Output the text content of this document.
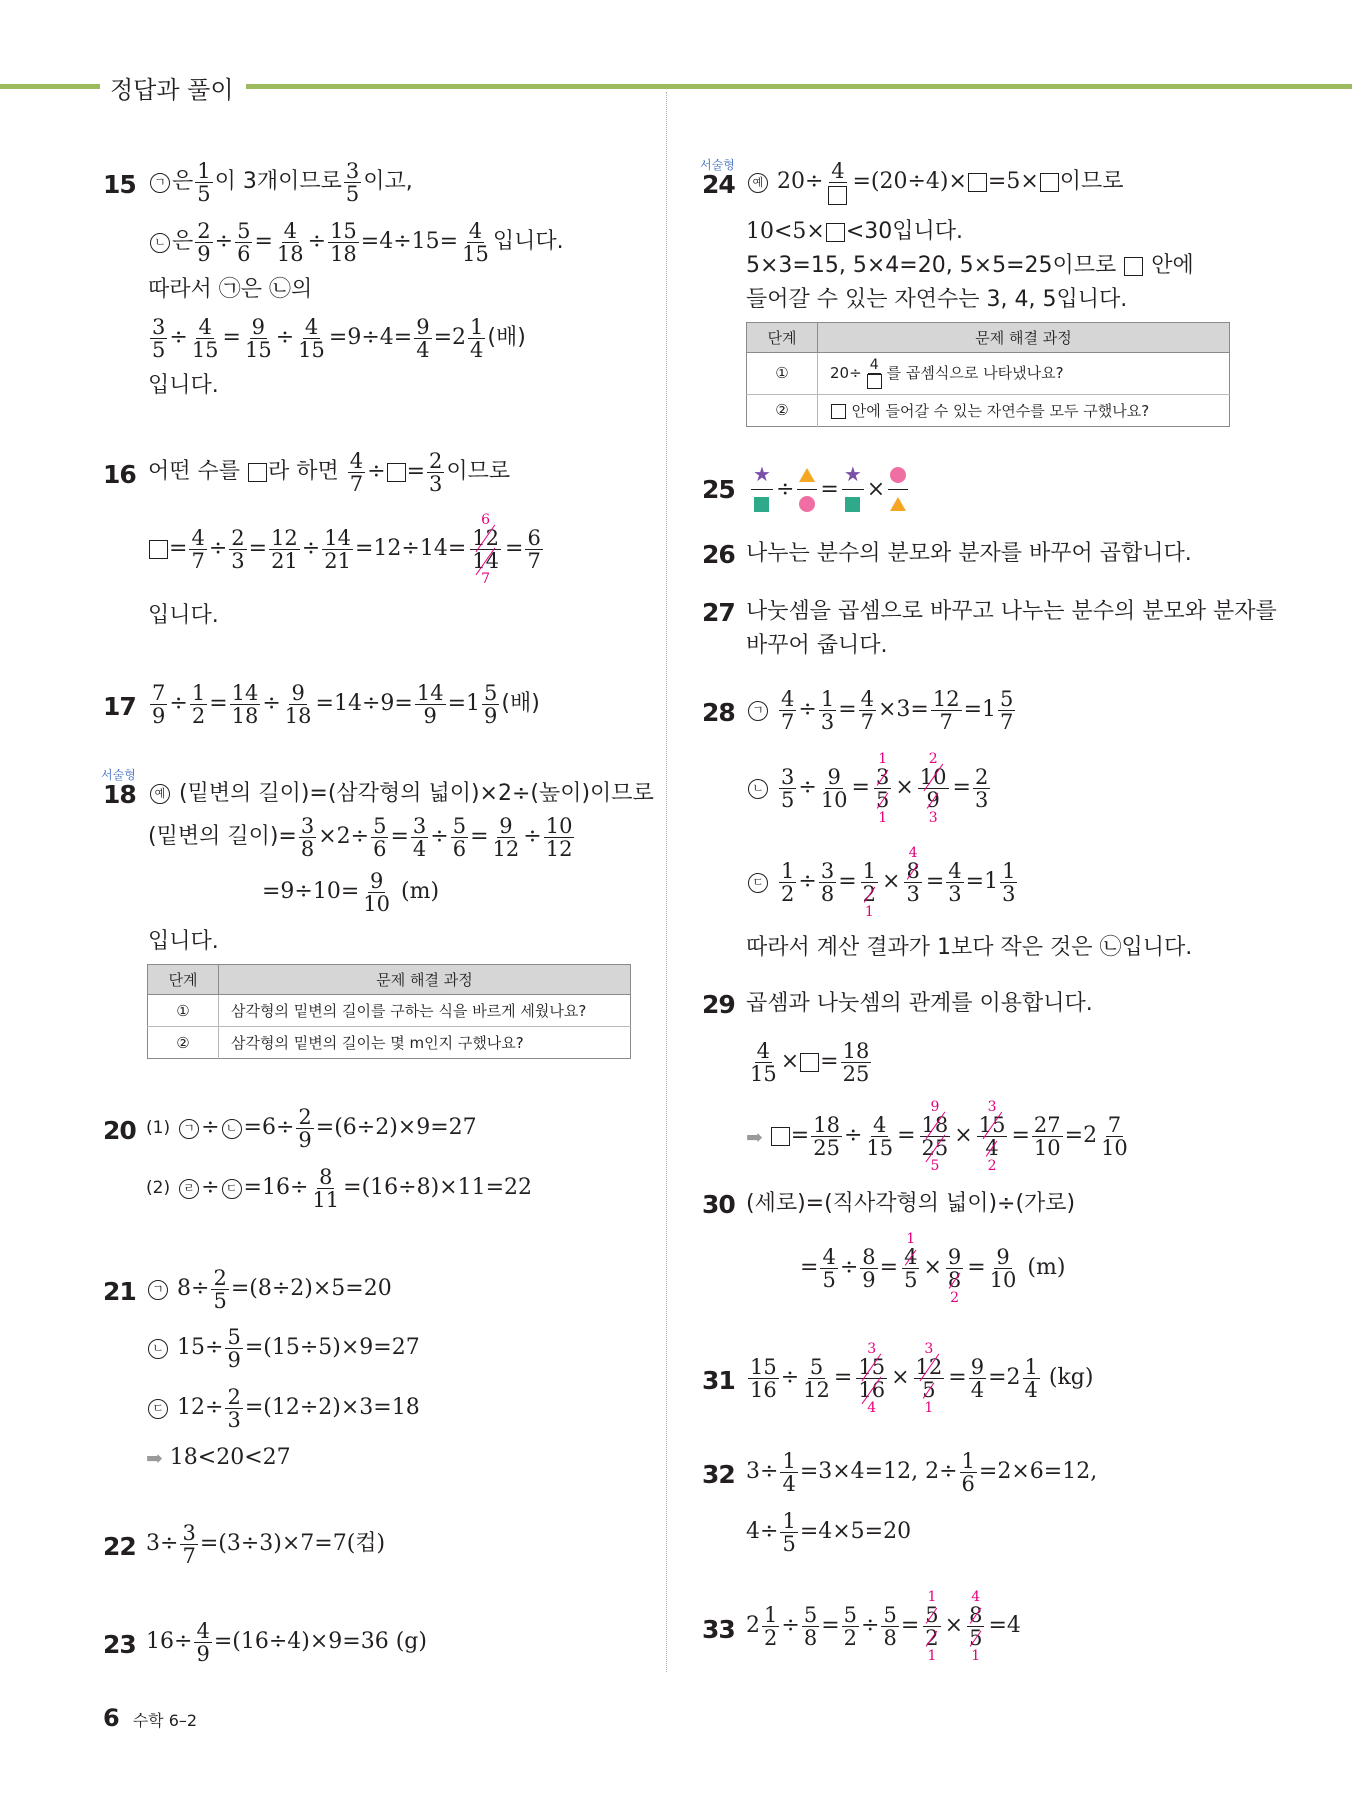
정답과 풀이
15	ㄱ 은 $\frac{1}{5}$ 이 3개이므로 $\frac{3}{5}$ 이고,
ㄴ 은 $\frac{2}{9} \div \frac{5}{6} = \frac{4}{18} \div \frac{15}{18} =4\div 15= \frac{4}{15}$ 입니다.
따라서 ㉠은 ㉡의
$\frac{3}{5} \div \frac{4}{15} = \frac{9}{15} \div \frac{4}{15} =9\div 4= \frac{9}{4} = 2 \frac{1}{4}$ (배)
입니다.
16 어떤 수를
라 하면
$\frac{4}{7}$ ÷ = $\frac{2}{3}$ 이므로
= $\frac{4}{7} \div \frac{2}{3} = \frac{12}{21} \div \frac{14}{21} =12\div 14=$
6
$\frac{12}{14}$
7
= $\frac{6}{7}$
입니다.
$17 \frac{7}{9} \div \frac{1}{2} = \frac{14}{18} \div \frac{9}{18} =14\div 9= \frac{14}{9} = 1 \frac{5}{9}$ (배)
서술형
18	예
(밑변의 길이)=(삼각형의 넓이)×2÷(높이)이므로
(밑변의 길이)= $\frac{3}{8} \times 2\div \frac{5}{6} = \frac{3}{4} \div \frac{5}{6} = \frac{9}{12} \div \frac{10}{12}$
$=9\div 10= \frac{9}{10}$
(m)
입니다.
단계	문제 해결 과정
①	삼각형의 밑변의 길이를 구하는 식을 바르게 세웠나요?
②	삼각형의 밑변의 길이는 몇 m인지 구했나요?
20 (1)
	ㄱ ÷ ㄴ $=6\div \frac{2}{9} =(6\div 2)\times 9=27$
(2)
	ㄹ ÷ ㄷ $=16\div \frac{8}{11} =(16\div 8)\times 11=22$
21	ㄱ
$8\div \frac{2}{5} =(8\div 2)\times 5=20$
ㄴ
$15\div \frac{5}{9} =(15\div 5)\times 9=27$
ㄷ
$12\div \frac{2}{3} =(12\div 2)\times 3=18$
➡
18<20<27
22 $3\div \frac{3}{7} =(3\div 3)\times 7=7$(컵)
23 $16\div \frac{4}{9} =(16\div 4)\times 9=36$ (g)
서술형
24	예
20÷ 4 =(20÷4)× =5× 이므로
10<5× <30입니다.
5×3=15, 5×4=20, 5×5=25이므로

안에
들어갈 수 있는 자연수는 3, 4, 5입니다.
단계	문제 해결 과정
①	20÷ 4 를 곱셈식으로 나타냈나요?
②	안에 들어갈 수 있는 자연수를 모두 구했나요?
25
★
÷
=
★
×
26 나누는 분수의 분모와 분자를 바꾸어 곱합니다.
27 나눗셈을 곱셈으로 바꾸고 나누는 분수의 분모와 분자를
바꾸어 줍니다.
28	ㄱ
$\frac{4}{7} \div \frac{1}{3} = \frac{4}{7} \times 3= \frac{12}{7} = 1 \frac{5}{7}$
ㄴ
$\frac{3}{5} \div \frac{9}{10}$ =
1
$\frac{3}{5}$
1
×
2
$\frac{10}{9}$
3
= $\frac{2}{3}$
ㄷ
$\frac{1}{2} \div \frac{3}{8}$ =
$\frac{1}{2}$
1
×
4
$\frac{8}{3}$
= $\frac{4}{3} = 1 \frac{1}{3}$
따라서 계산 결과가 1보다 작은 것은 ㉡입니다.
29 곱셈과 나눗셈의 관계를 이용합니다.
$\frac{4}{15}$ × = $\frac{18}{25}$
➡
= $\frac{18}{25} \div \frac{4}{15}$ =
9
$\frac{18}{25}$
5
×
3
$\frac{15}{4}$
2
= $\frac{27}{10} = 2 \frac{7}{10}$
30 (세로)=(직사각형의 넓이)÷(가로)
= $\frac{4}{5} \div \frac{8}{9}$ =
1
$\frac{4}{5}$
×
$\frac{9}{8}$
2
= $\frac{9}{10}$
(m)
$31 \frac{15}{16} \div \frac{5}{12}$ =
3
$\frac{15}{16}$
4
×
3
$\frac{12}{5}$
1
= $\frac{9}{4} = 2 \frac{1}{4}$
(kg)
32 $3\div \frac{1}{4} =3\times 4=12$, $2\div \frac{1}{6} =2\times 6=12$,
$4\div \frac{1}{5} =4\times 5=20$
33 $2 \frac{1}{2} \div \frac{5}{8} = \frac{5}{2} \div \frac{5}{8}$ =
1
$\frac{5}{2}$
1
×
4
$\frac{8}{5}$
1
=4
6 수학 6–2
